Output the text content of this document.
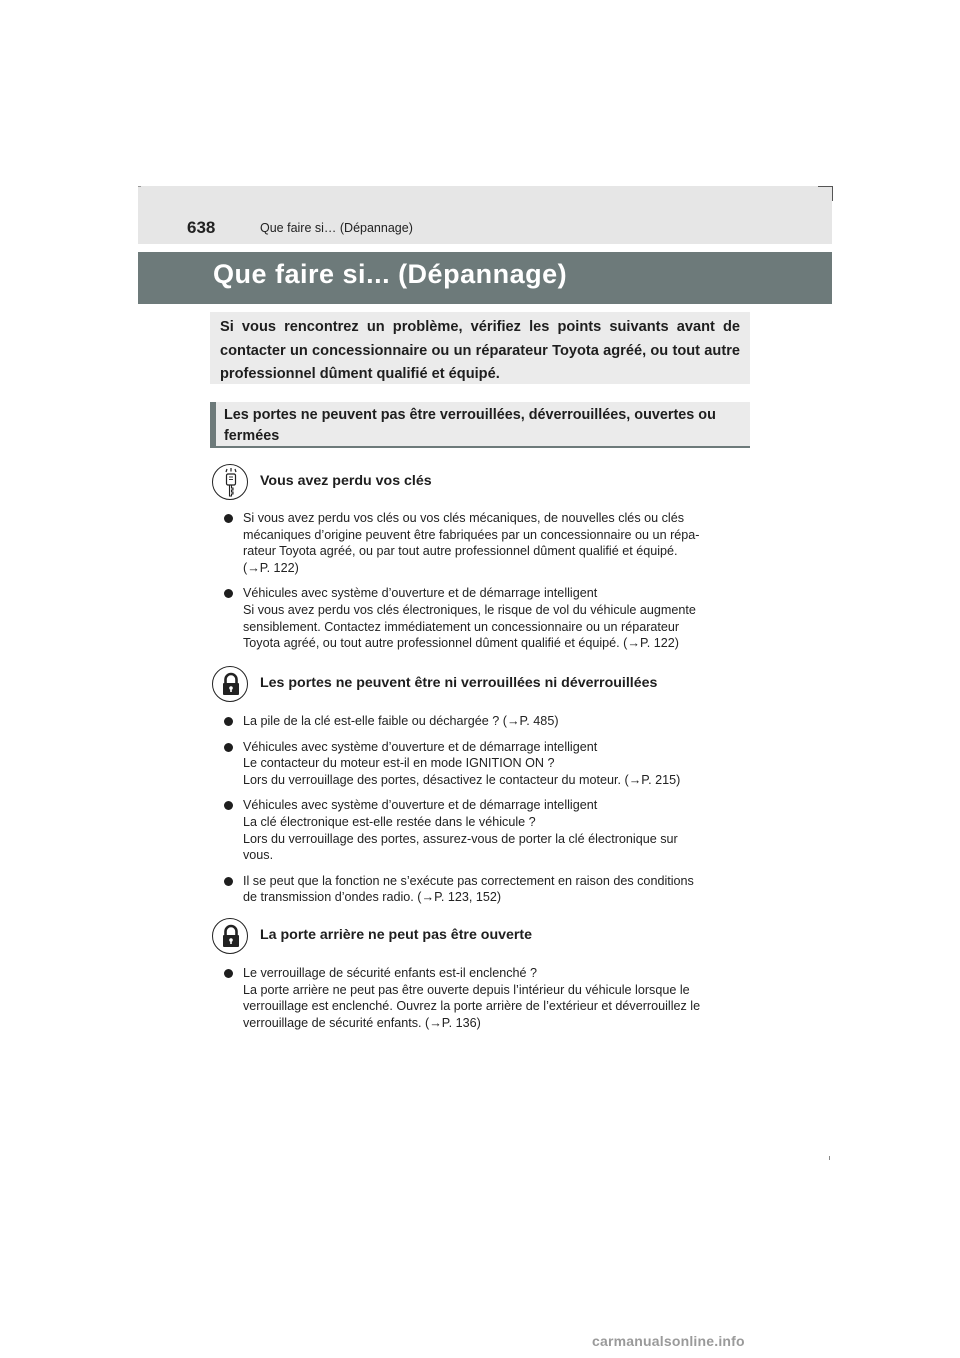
638	Que faire si… (Dépannage)
Que faire si... (Dépannage)

Si vous rencontrez un problème, vérifiez les points suivants avant de contacter un concessionnaire ou un réparateur Toyota agréé, ou tout autre professionnel dûment qualifié et équipé.

Les portes ne peuvent pas être verrouillées, déverrouillées, ouvertes ou fermées

Vous avez perdu vos clés
Si vous avez perdu vos clés ou vos clés mécaniques, de nouvelles clés ou clés
mécaniques d’origine peuvent être fabriquées par un concessionnaire ou un répa-
rateur Toyota agréé, ou par tout autre professionnel dûment qualifié et équipé.
(→P. 122)
Véhicules avec système d’ouverture et de démarrage intelligent
Si vous avez perdu vos clés électroniques, le risque de vol du véhicule augmente
sensiblement. Contactez immédiatement un concessionnaire ou un réparateur
Toyota agréé, ou tout autre professionnel dûment qualifié et équipé. (→P. 122)
Les portes ne peuvent être ni verrouillées ni déverrouillées
La pile de la clé est-elle faible ou déchargée ? (→P. 485)
Véhicules avec système d’ouverture et de démarrage intelligent
Le contacteur du moteur est-il en mode IGNITION ON ?
Lors du verrouillage des portes, désactivez le contacteur du moteur. (→P. 215)
Véhicules avec système d’ouverture et de démarrage intelligent
La clé électronique est-elle restée dans le véhicule ?
Lors du verrouillage des portes, assurez-vous de porter la clé électronique sur
vous.
Il se peut que la fonction ne s’exécute pas correctement en raison des conditions
de transmission d’ondes radio. (→P. 123, 152)
La porte arrière ne peut pas être ouverte
Le verrouillage de sécurité enfants est-il enclenché ?
La porte arrière ne peut pas être ouverte depuis l’intérieur du véhicule lorsque le
verrouillage est enclenché. Ouvrez la porte arrière de l’extérieur et déverrouillez le
verrouillage de sécurité enfants. (→P. 136)
carmanualsonline.info
